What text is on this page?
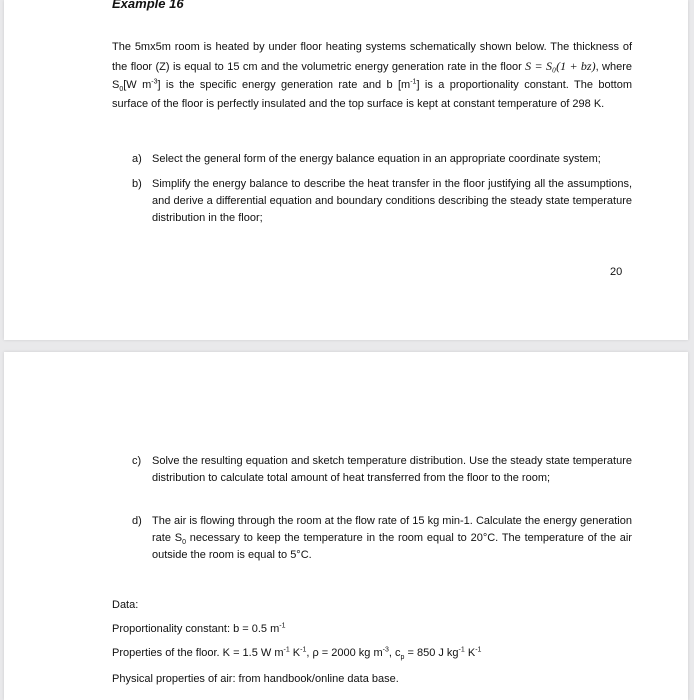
Example 16

The 5mx5m room is heated by under floor heating systems schematically shown below. The thickness of the floor (Z) is equal to 15 cm and the volumetric energy generation rate in the floor S = S₀(1 + bz), where $S_0[W$ $m^{-3}$] is the specific energy generation rate and b $[m^{-1}]$ is a proportionality constant. The bottom surface of the floor is perfectly insulated and the top surface is kept at constant temperature of 298 K.
a) Select the general form of the energy balance equation in an appropriate coordinate system;
b) Simplify the energy balance to describe the heat transfer in the floor justifying all the assumptions, and derive a differential equation and boundary conditions describing the steady state temperature distribution in the floor;
20
c) Solve the resulting equation and sketch temperature distribution. Use the steady state temperature distribution to calculate total amount of heat transferred from the floor to the room;
d) The air is flowing through the room at the flow rate of 15 kg min-1. Calculate the energy generation rate $S_0$ necessary to keep the temperature in the room equal to 20°C. The temperature of the air outside the room is equal to 5°C.
Data:
Proportionality constant: b = 0.5 $m^{-1}$
Properties of the floor. K = 1.5 W $m^{-1}$ $K^{-1}$, ρ = 2000 kg $m^{-3}$, $c_p = 850$ J $kg^{-1}$ $K^{-1}$
Physical properties of air: from handbook/online data base.
